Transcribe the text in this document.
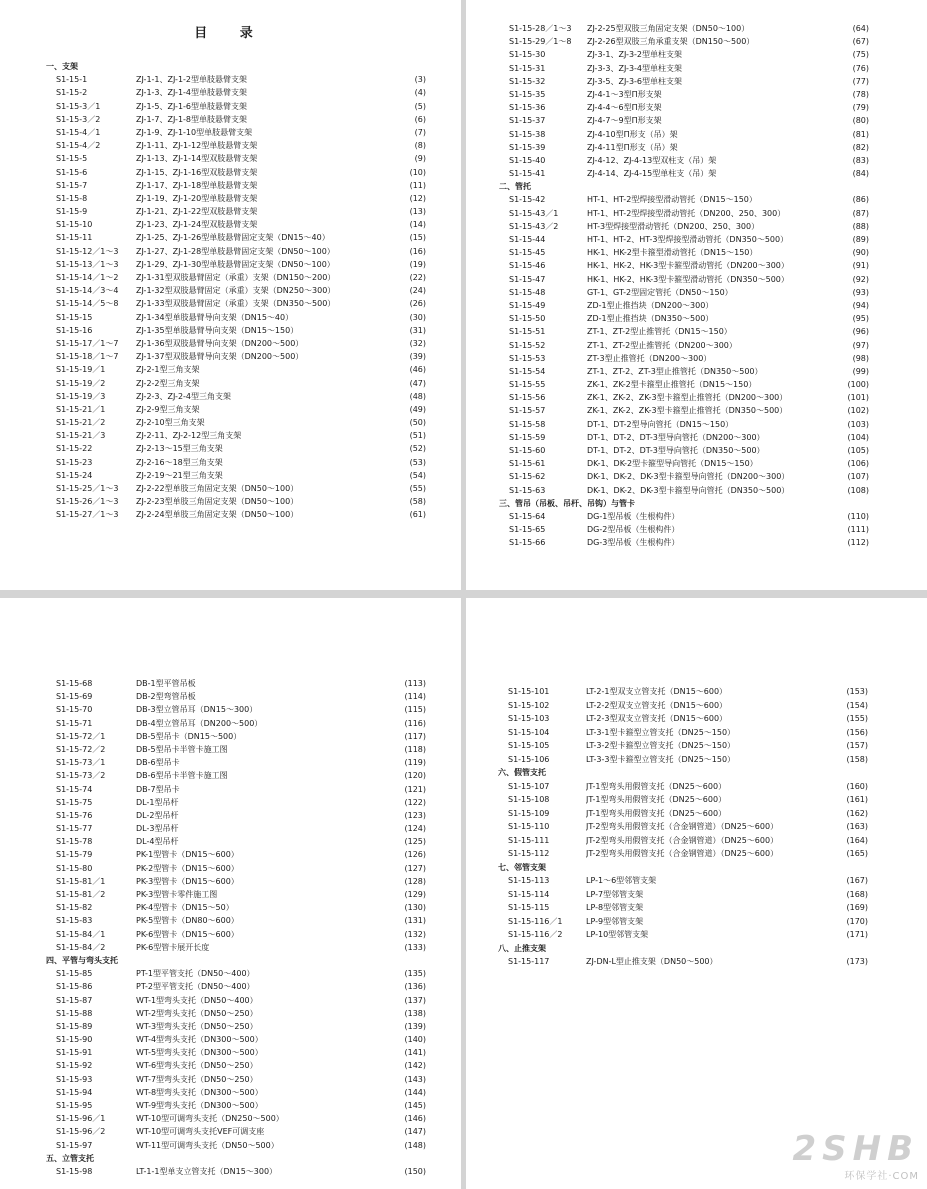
目 录
一、支架
S1-15-1	ZJ-1-1、ZJ-1-2型单肢悬臂支架	(3)
S1-15-2	ZJ-1-3、ZJ-1-4型单肢悬臂支架	(4)
S1-15-3／1	ZJ-1-5、ZJ-1-6型单肢悬臂支架	(5)
S1-15-3／2	ZJ-1-7、ZJ-1-8型单肢悬臂支架	(6)
S1-15-4／1	ZJ-1-9、ZJ-1-10型单肢悬臂支架	(7)
S1-15-4／2	ZJ-1-11、ZJ-1-12型单肢悬臂支架	(8)
S1-15-5	ZJ-1-13、ZJ-1-14型双肢悬臂支架	(9)
S1-15-6	ZJ-1-15、ZJ-1-16型双肢悬臂支架	(10)
S1-15-7	ZJ-1-17、ZJ-1-18型单肢悬臂支架	(11)
S1-15-8	ZJ-1-19、ZJ-1-20型单肢悬臂支架	(12)
S1-15-9	ZJ-1-21、ZJ-1-22型双肢悬臂支架	(13)
S1-15-10	ZJ-1-23、ZJ-1-24型双肢悬臂支架	(14)
S1-15-11	ZJ-1-25、ZJ-1-26型单肢悬臂固定支架（DN15～40）	(15)
S1-15-12／1～3	ZJ-1-27、ZJ-1-28型单肢悬臂固定支架（DN50～100）	(16)
S1-15-13／1～3	ZJ-1-29、ZJ-1-30型单肢悬臂固定支架（DN50～100）	(19)
S1-15-14／1～2	ZJ-1-31型双肢悬臂固定（承重）支架（DN150～200）	(22)
S1-15-14／3～4	ZJ-1-32型双肢悬臂固定（承重）支架（DN250～300）	(24)
S1-15-14／5～8	ZJ-1-33型双肢悬臂固定（承重）支架（DN350～500）	(26)
S1-15-15	ZJ-1-34型单肢悬臂导向支架（DN15～40）	(30)
S1-15-16	ZJ-1-35型单肢悬臂导向支架（DN15～150）	(31)
S1-15-17／1～7	ZJ-1-36型双肢悬臂导向支架（DN200～500）	(32)
S1-15-18／1～7	ZJ-1-37型双肢悬臂导向支架（DN200～500）	(39)
S1-15-19／1	ZJ-2-1型三角支架	(46)
S1-15-19／2	ZJ-2-2型三角支架	(47)
S1-15-19／3	ZJ-2-3、ZJ-2-4型三角支架	(48)
S1-15-21／1	ZJ-2-9型三角支架	(49)
S1-15-21／2	ZJ-2-10型三角支架	(50)
S1-15-21／3	ZJ-2-11、ZJ-2-12型三角支架	(51)
S1-15-22	ZJ-2-13～15型三角支架	(52)
S1-15-23	ZJ-2-16～18型三角支架	(53)
S1-15-24	ZJ-2-19～21型三角支架	(54)
S1-15-25／1～3	ZJ-2-22型单肢三角固定支架（DN50～100）	(55)
S1-15-26／1～3	ZJ-2-23型单肢三角固定支架（DN50～100）	(58)
S1-15-27／1～3	ZJ-2-24型单肢三角固定支架（DN50～100）	(61)
S1-15-28／1～3	ZJ-2-25型双肢三角固定支架（DN50～100）	(64)
S1-15-29／1～8	ZJ-2-26型双肢三角承重支架（DN150～500）	(67)
S1-15-30	ZJ-3-1、ZJ-3-2型单柱支架	(75)
S1-15-31	ZJ-3-3、ZJ-3-4型单柱支架	(76)
S1-15-32	ZJ-3-5、ZJ-3-6型单柱支架	(77)
S1-15-35	ZJ-4-1～3型Π形支架	(78)
S1-15-36	ZJ-4-4～6型Π形支架	(79)
S1-15-37	ZJ-4-7～9型Π形支架	(80)
S1-15-38	ZJ-4-10型Π形支（吊）架	(81)
S1-15-39	ZJ-4-11型Π形支（吊）架	(82)
S1-15-40	ZJ-4-12、ZJ-4-13型双柱支（吊）架	(83)
S1-15-41	ZJ-4-14、ZJ-4-15型单柱支（吊）架	(84)
二、管托
S1-15-42	HT-1、HT-2型焊接型滑动管托（DN15～150）	(86)
S1-15-43／1	HT-1、HT-2型焊接型滑动管托（DN200、250、300）	(87)
S1-15-43／2	HT-3型焊接型滑动管托（DN200、250、300）	(88)
S1-15-44	HT-1、HT-2、HT-3型焊接型滑动管托（DN350～500）	(89)
S1-15-45	HK-1、HK-2型卡箍型滑动管托（DN15～150）	(90)
S1-15-46	HK-1、HK-2、HK-3型卡箍型滑动管托（DN200～300）	(91)
S1-15-47	HK-1、HK-2、HK-3型卡箍型滑动管托（DN350～500）	(92)
S1-15-48	GT-1、GT-2型固定管托（DN50～150）	(93)
S1-15-49	ZD-1型止推挡块（DN200～300）	(94)
S1-15-50	ZD-1型止推挡块（DN350～500）	(95)
S1-15-51	ZT-1、ZT-2型止推管托（DN15～150）	(96)
S1-15-52	ZT-1、ZT-2型止推管托（DN200～300）	(97)
S1-15-53	ZT-3型止推管托（DN200～300）	(98)
S1-15-54	ZT-1、ZT-2、ZT-3型止推管托（DN350～500）	(99)
S1-15-55	ZK-1、ZK-2型卡箍型止推管托（DN15～150）	(100)
S1-15-56	ZK-1、ZK-2、ZK-3型卡箍型止推管托（DN200～300）	(101)
S1-15-57	ZK-1、ZK-2、ZK-3型卡箍型止推管托（DN350～500）	(102)
S1-15-58	DT-1、DT-2型导向管托（DN15～150）	(103)
S1-15-59	DT-1、DT-2、DT-3型导向管托（DN200～300）	(104)
S1-15-60	DT-1、DT-2、DT-3型导向管托（DN350～500）	(105)
S1-15-61	DK-1、DK-2型卡箍型导向管托（DN15～150）	(106)
S1-15-62	DK-1、DK-2、DK-3型卡箍型导向管托（DN200～300）	(107)
S1-15-63	DK-1、DK-2、DK-3型卡箍型导向管托（DN350～500）	(108)
三、管吊（吊板、吊杆、吊钩）与管卡
S1-15-64	DG-1型吊板（生根构件）	(110)
S1-15-65	DG-2型吊板（生根构件）	(111)
S1-15-66	DG-3型吊板（生根构件）	(112)
S1-15-68	DB-1型平管吊板	(113)
S1-15-69	DB-2型弯管吊板	(114)
S1-15-70	DB-3型立管吊耳（DN15～300）	(115)
S1-15-71	DB-4型立管吊耳（DN200～500）	(116)
S1-15-72／1	DB-5型吊卡（DN15～500）	(117)
S1-15-72／2	DB-5型吊卡半管卡施工图	(118)
S1-15-73／1	DB-6型吊卡	(119)
S1-15-73／2	DB-6型吊卡半管卡施工图	(120)
S1-15-74	DB-7型吊卡	(121)
S1-15-75	DL-1型吊杆	(122)
S1-15-76	DL-2型吊杆	(123)
S1-15-77	DL-3型吊杆	(124)
S1-15-78	DL-4型吊杆	(125)
S1-15-79	PK-1型管卡（DN15～600）	(126)
S1-15-80	PK-2型管卡（DN15～600）	(127)
S1-15-81／1	PK-3型管卡（DN15～600）	(128)
S1-15-81／2	PK-3型管卡零件施工图	(129)
S1-15-82	PK-4型管卡（DN15～50）	(130)
S1-15-83	PK-5型管卡（DN80～600）	(131)
S1-15-84／1	PK-6型管卡（DN15～600）	(132)
S1-15-84／2	PK-6型管卡展开长度	(133)
四、平管与弯头支托
S1-15-85	PT-1型平管支托（DN50～400）	(135)
S1-15-86	PT-2型平管支托（DN50～400）	(136)
S1-15-87	WT-1型弯头支托（DN50～400）	(137)
S1-15-88	WT-2型弯头支托（DN50～250）	(138)
S1-15-89	WT-3型弯头支托（DN50～250）	(139)
S1-15-90	WT-4型弯头支托（DN300～500）	(140)
S1-15-91	WT-5型弯头支托（DN300～500）	(141)
S1-15-92	WT-6型弯头支托（DN50～250）	(142)
S1-15-93	WT-7型弯头支托（DN50～250）	(143)
S1-15-94	WT-8型弯头支托（DN300～500）	(144)
S1-15-95	WT-9型弯头支托（DN300～500）	(145)
S1-15-96／1	WT-10型可调弯头支托（DN250～500）	(146)
S1-15-96／2	WT-10型可调弯头支托VEF可调支座	(147)
S1-15-97	WT-11型可调弯头支托（DN50～500）	(148)
五、立管支托
S1-15-98	LT-1-1型单支立管支托（DN15～300）	(150)
S1-15-101	LT-2-1型双支立管支托（DN15～600）	(153)
S1-15-102	LT-2-2型双支立管支托（DN15～600）	(154)
S1-15-103	LT-2-3型双支立管支托（DN15～600）	(155)
S1-15-104	LT-3-1型卡箍型立管支托（DN25～150）	(156)
S1-15-105	LT-3-2型卡箍型立管支托（DN25～150）	(157)
S1-15-106	LT-3-3型卡箍型立管支托（DN25～150）	(158)
六、假管支托
S1-15-107	JT-1型弯头用假管支托（DN25～600）	(160)
S1-15-108	JT-1型弯头用假管支托（DN25～600）	(161)
S1-15-109	JT-1型弯头用假管支托（DN25～600）	(162)
S1-15-110	JT-2型弯头用假管支托（合金钢管道）（DN25～600）	(163)
S1-15-111	JT-2型弯头用假管支托（合金钢管道）（DN25～600）	(164)
S1-15-112	JT-2型弯头用假管支托（合金钢管道）（DN25～600）	(165)
七、邻管支架
S1-15-113	LP-1～6型邻管支架	(167)
S1-15-114	LP-7型邻管支架	(168)
S1-15-115	LP-8型邻管支架	(169)
S1-15-116／1	LP-9型邻管支架	(170)
S1-15-116／2	LP-10型邻管支架	(171)
八、止推支架
S1-15-117	ZJ-DN-L型止推支架（DN50～500）	(173)
2SHB
环保学社·COM
